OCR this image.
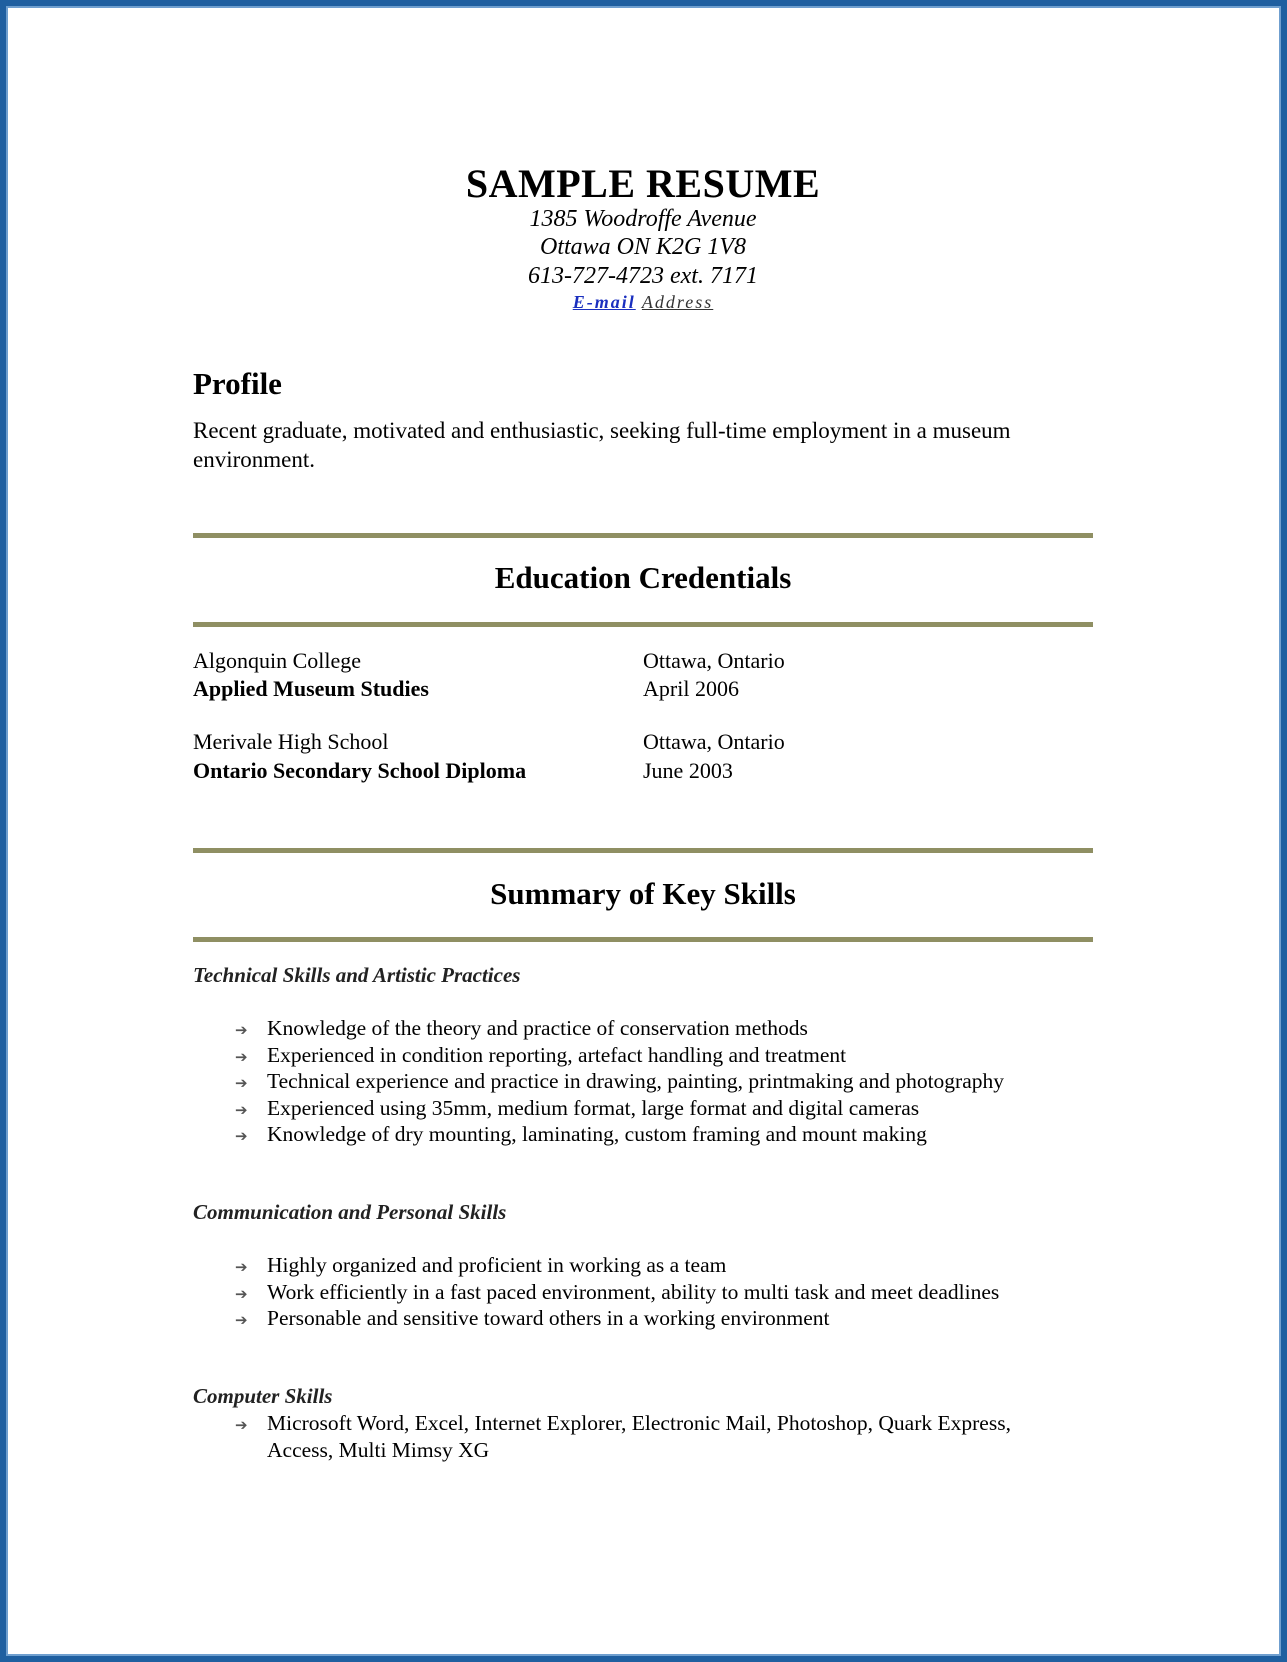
SAMPLE RESUME
1385 Woodroffe Avenue
Ottawa ON K2G 1V8
613-727-4723 ext. 7171
E-mail Address
Profile
Recent graduate, motivated and enthusiastic, seeking full-time employment in a museum environment.
Education Credentials
Algonquin College
Applied Museum Studies
Ottawa, Ontario
April 2006
Merivale High School
Ontario Secondary School Diploma
Ottawa, Ontario
June 2003
Summary of Key Skills
Technical Skills and Artistic Practices
➔ Knowledge of the theory and practice of conservation methods
➔ Experienced in condition reporting, artefact handling and treatment
➔ Technical experience and practice in drawing, painting, printmaking and photography
➔ Experienced using 35mm, medium format, large format and digital cameras
➔ Knowledge of dry mounting, laminating, custom framing and mount making
Communication and Personal Skills
➔ Highly organized and proficient in working as a team
➔ Work efficiently in a fast paced environment, ability to multi task and meet deadlines
➔ Personable and sensitive toward others in a working environment
Computer Skills
➔ Microsoft Word, Excel, Internet Explorer, Electronic Mail, Photoshop, Quark Express,
Access, Multi Mimsy XG
